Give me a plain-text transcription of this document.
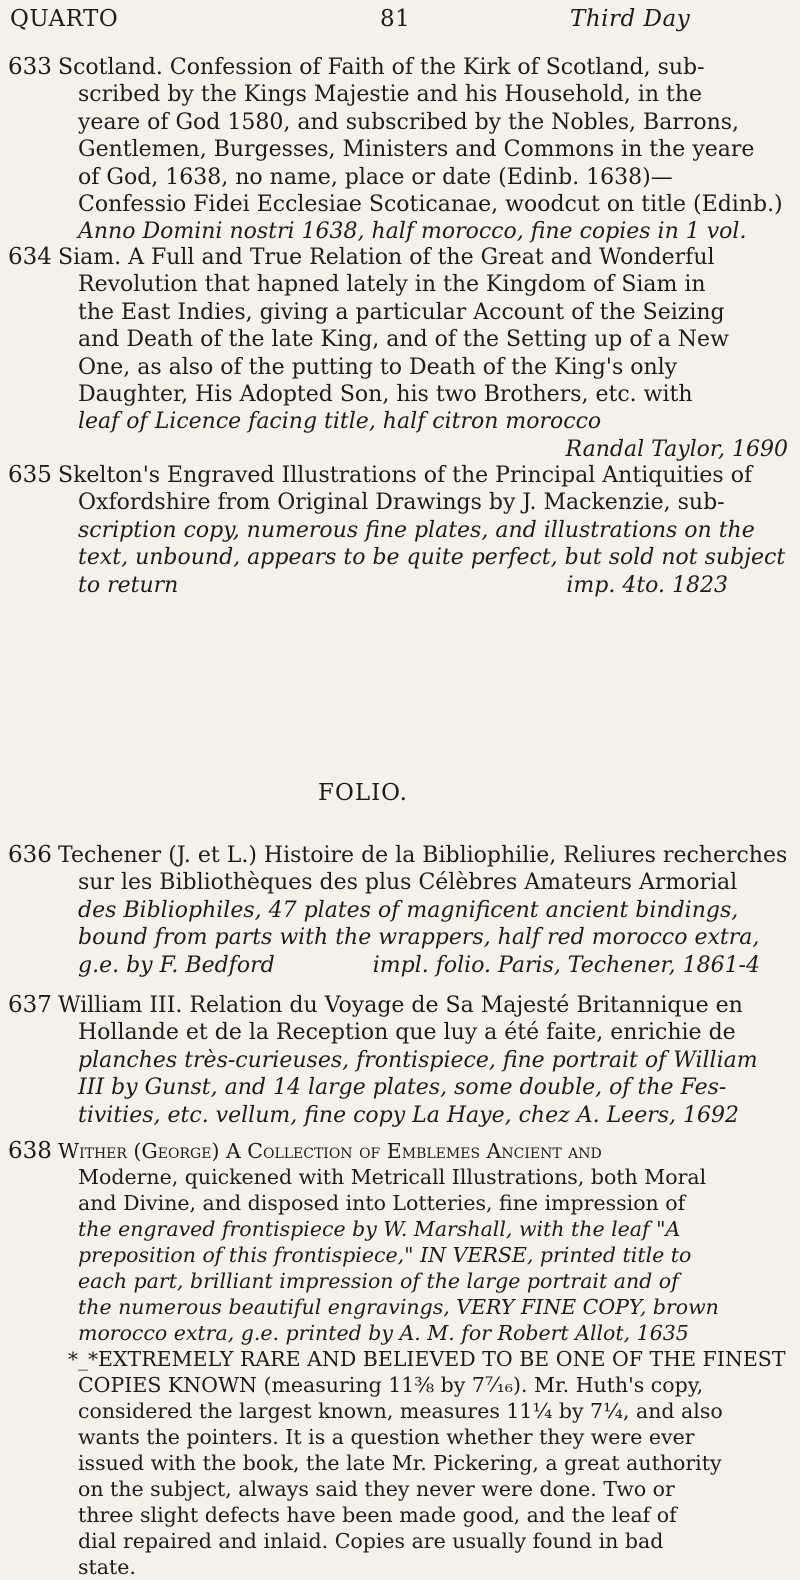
QUARTO	81	Third Day
633 Scotland. Confession of Faith of the Kirk of Scotland, sub-

scribed by the Kings Majestie and his Household, in the

yeare of God 1580, and subscribed by the Nobles, Barrons,

Gentlemen, Burgesses, Ministers and Commons in the yeare

of God, 1638, no name, place or date (Edinb. 1638)—

Confessio Fidei Ecclesiae Scoticanae, woodcut on title (Edinb.)

Anno Domini nostri 1638, half morocco, fine copies in 1 vol.

634 Siam. A Full and True Relation of the Great and Wonderful

Revolution that hapned lately in the Kingdom of Siam in

the East Indies, giving a particular Account of the Seizing

and Death of the late King, and of the Setting up of a New

One, as also of the putting to Death of the King's only

Daughter, His Adopted Son, his two Brothers, etc. with

leaf of Licence facing title, half citron morocco

Randal Taylor, 1690

635 Skelton's Engraved Illustrations of the Principal Antiquities of

Oxfordshire from Original Drawings by J. Mackenzie, sub-

scription copy, numerous fine plates, and illustrations on the

text, unbound, appears to be quite perfect, but sold not subject

to return	imp. 4to. 1823

FOLIO.
636 Techener (J. et L.) Histoire de la Bibliophilie, Reliures recherches

sur les Bibliothèques des plus Célèbres Amateurs Armorial

des Bibliophiles, 47 plates of magnificent ancient bindings,

bound from parts with the wrappers, half red morocco extra,

g.e. by F. Bedford	impl. folio. Paris, Techener, 1861-4

637 William III. Relation du Voyage de Sa Majesté Britannique en

Hollande et de la Reception que luy a été faite, enrichie de

planches très-curieuses, frontispiece, fine portrait of William

III by Gunst, and 14 large plates, some double, of the Fes-

tivities, etc. vellum, fine copy La Haye, chez A. Leers, 1692

638 Wither (George) A Collection of Emblemes Ancient and

Moderne, quickened with Metricall Illustrations, both Moral

and Divine, and disposed into Lotteries, fine impression of

the engraved frontispiece by W. Marshall, with the leaf "A

preposition of this frontispiece," IN VERSE, printed title to

each part, brilliant impression of the large portrait and of

the numerous beautiful engravings, VERY FINE COPY, brown

morocco extra, g.e. printed by A. M. for Robert Allot, 1635

*_* EXTREMELY RARE AND BELIEVED TO BE ONE OF THE FINEST

COPIES KNOWN (measuring 11⅜ by 7⁷⁄₁₆). Mr. Huth's copy,

considered the largest known, measures 11¼ by 7¼, and also

wants the pointers. It is a question whether they were ever

issued with the book, the late Mr. Pickering, a great authority

on the subject, always said they never were done. Two or

three slight defects have been made good, and the leaf of

dial repaired and inlaid. Copies are usually found in bad

state.
